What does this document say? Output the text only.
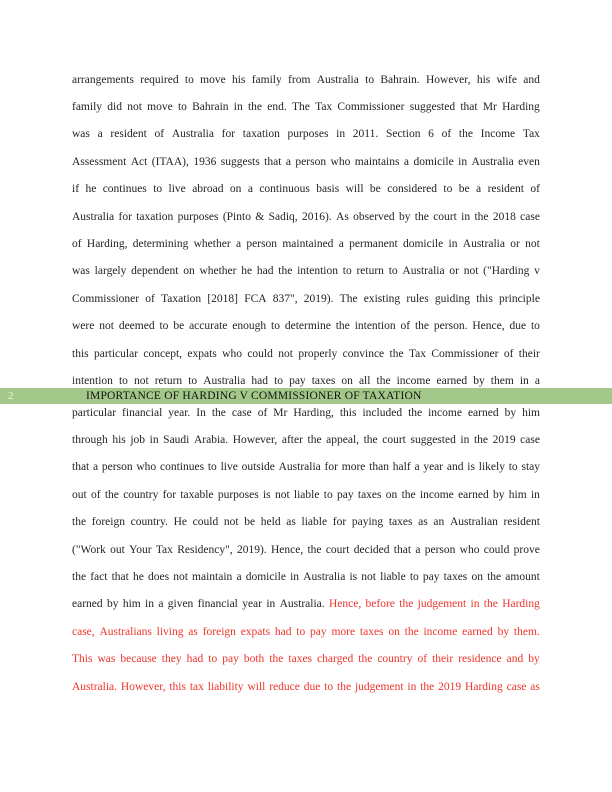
arrangements required to move his family from Australia to Bahrain. However, his wife and
family did not move to Bahrain in the end. The Tax Commissioner suggested that Mr Harding
was a resident of Australia for taxation purposes in 2011. Section 6 of the Income Tax
Assessment Act (ITAA), 1936 suggests that a person who maintains a domicile in Australia even
if he continues to live abroad on a continuous basis will be considered to be a resident of
Australia for taxation purposes (Pinto & Sadiq, 2016). As observed by the court in the 2018 case
of Harding, determining whether a person maintained a permanent domicile in Australia or not
was largely dependent on whether he had the intention to return to Australia or not ("Harding v
Commissioner of Taxation [2018] FCA 837", 2019). The existing rules guiding this principle
were not deemed to be accurate enough to determine the intention of the person. Hence, due to
this particular concept, expats who could not properly convince the Tax Commissioner of their
intention to not return to Australia had to pay taxes on all the income earned by them in a
2	IMPORTANCE OF HARDING V COMMISSIONER OF TAXATION
particular financial year. In the case of Mr Harding, this included the income earned by him
through his job in Saudi Arabia. However, after the appeal, the court suggested in the 2019 case
that a person who continues to live outside Australia for more than half a year and is likely to stay
out of the country for taxable purposes is not liable to pay taxes on the income earned by him in
the foreign country. He could not be held as liable for paying taxes as an Australian resident
("Work out Your Tax Residency", 2019). Hence, the court decided that a person who could prove
the fact that he does not maintain a domicile in Australia is not liable to pay taxes on the amount
earned by him in a given financial year in Australia. Hence, before the judgement in the Harding
case, Australians living as foreign expats had to pay more taxes on the income earned by them.
This was because they had to pay both the taxes charged the country of their residence and by
Australia. However, this tax liability will reduce due to the judgement in the 2019 Harding case as
